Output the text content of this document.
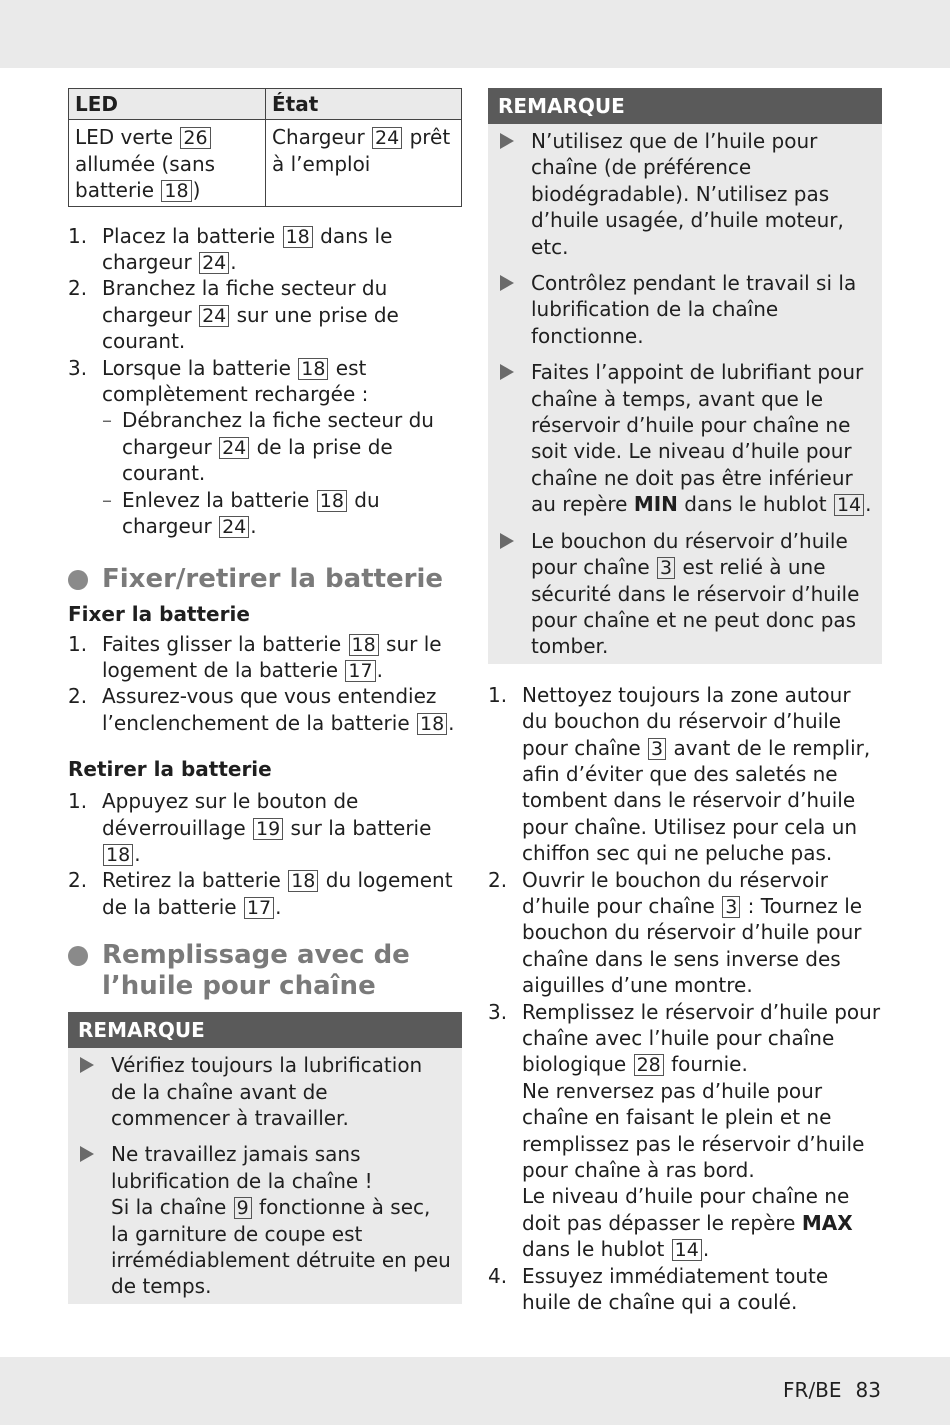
LED	État
LED verte 26 allumée (sans batterie 18 )	Chargeur 24 prêt à l’emploi
1. Placez la batterie 18 dans le chargeur 24 .
2. Branchez la fiche secteur du chargeur 24 sur une prise de courant.
3. Lorsque la batterie 18 est complètement rechargée :
– Débranchez la fiche secteur du chargeur 24 de la prise de courant.
– Enlevez la batterie 18 du chargeur 24 .
Fixer/retirer la batterie
Fixer la batterie
1. Faites glisser la batterie 18 sur le logement de la batterie 17 .
2. Assurez-vous que vous entendiez l’enclenchement de la batterie 18 .
Retirer la batterie
1. Appuyez sur le bouton de déverrouillage 19 sur la batterie 18 .
2. Retirez la batterie 18 du logement de la batterie 17 .
Remplissage avec de l’huile pour chaîne
REMARQUE
Vérifiez toujours la lubrification de la chaîne avant de commencer à travailler.
Ne travaillez jamais sans lubrification de la chaîne !
Si la chaîne 9 fonctionne à sec, la garniture de coupe est irrémédiablement détruite en peu de temps.
REMARQUE
N’utilisez que de l’huile pour chaîne (de préférence biodégradable). N’utilisez pas d’huile usagée, d’huile moteur, etc.
Contrôlez pendant le travail si la lubrification de la chaîne fonctionne.
Faites l’appoint de lubrifiant pour chaîne à temps, avant que le réservoir d’huile pour chaîne ne soit vide. Le niveau d’huile pour chaîne ne doit pas être inférieur au repère MIN dans le hublot 14 .
Le bouchon du réservoir d’huile pour chaîne 3 est relié à une sécurité dans le réservoir d’huile pour chaîne et ne peut donc pas tomber.
1. Nettoyez toujours la zone autour du bouchon du réservoir d’huile pour chaîne 3 avant de le remplir, afin d’éviter que des saletés ne tombent dans le réservoir d’huile pour chaîne. Utilisez pour cela un chiffon sec qui ne peluche pas.
2. Ouvrir le bouchon du réservoir d’huile pour chaîne 3 : Tournez le bouchon du réservoir d’huile pour chaîne dans le sens inverse des aiguilles d’une montre.
3. Remplissez le réservoir d’huile pour chaîne avec l’huile pour chaîne biologique 28 fournie.
Ne renversez pas d’huile pour chaîne en faisant le plein et ne remplissez pas le réservoir d’huile pour chaîne à ras bord.
Le niveau d’huile pour chaîne ne doit pas dépasser le repère MAX dans le hublot 14 .
4. Essuyez immédiatement toute huile de chaîne qui a coulé.
FR/BE 83
